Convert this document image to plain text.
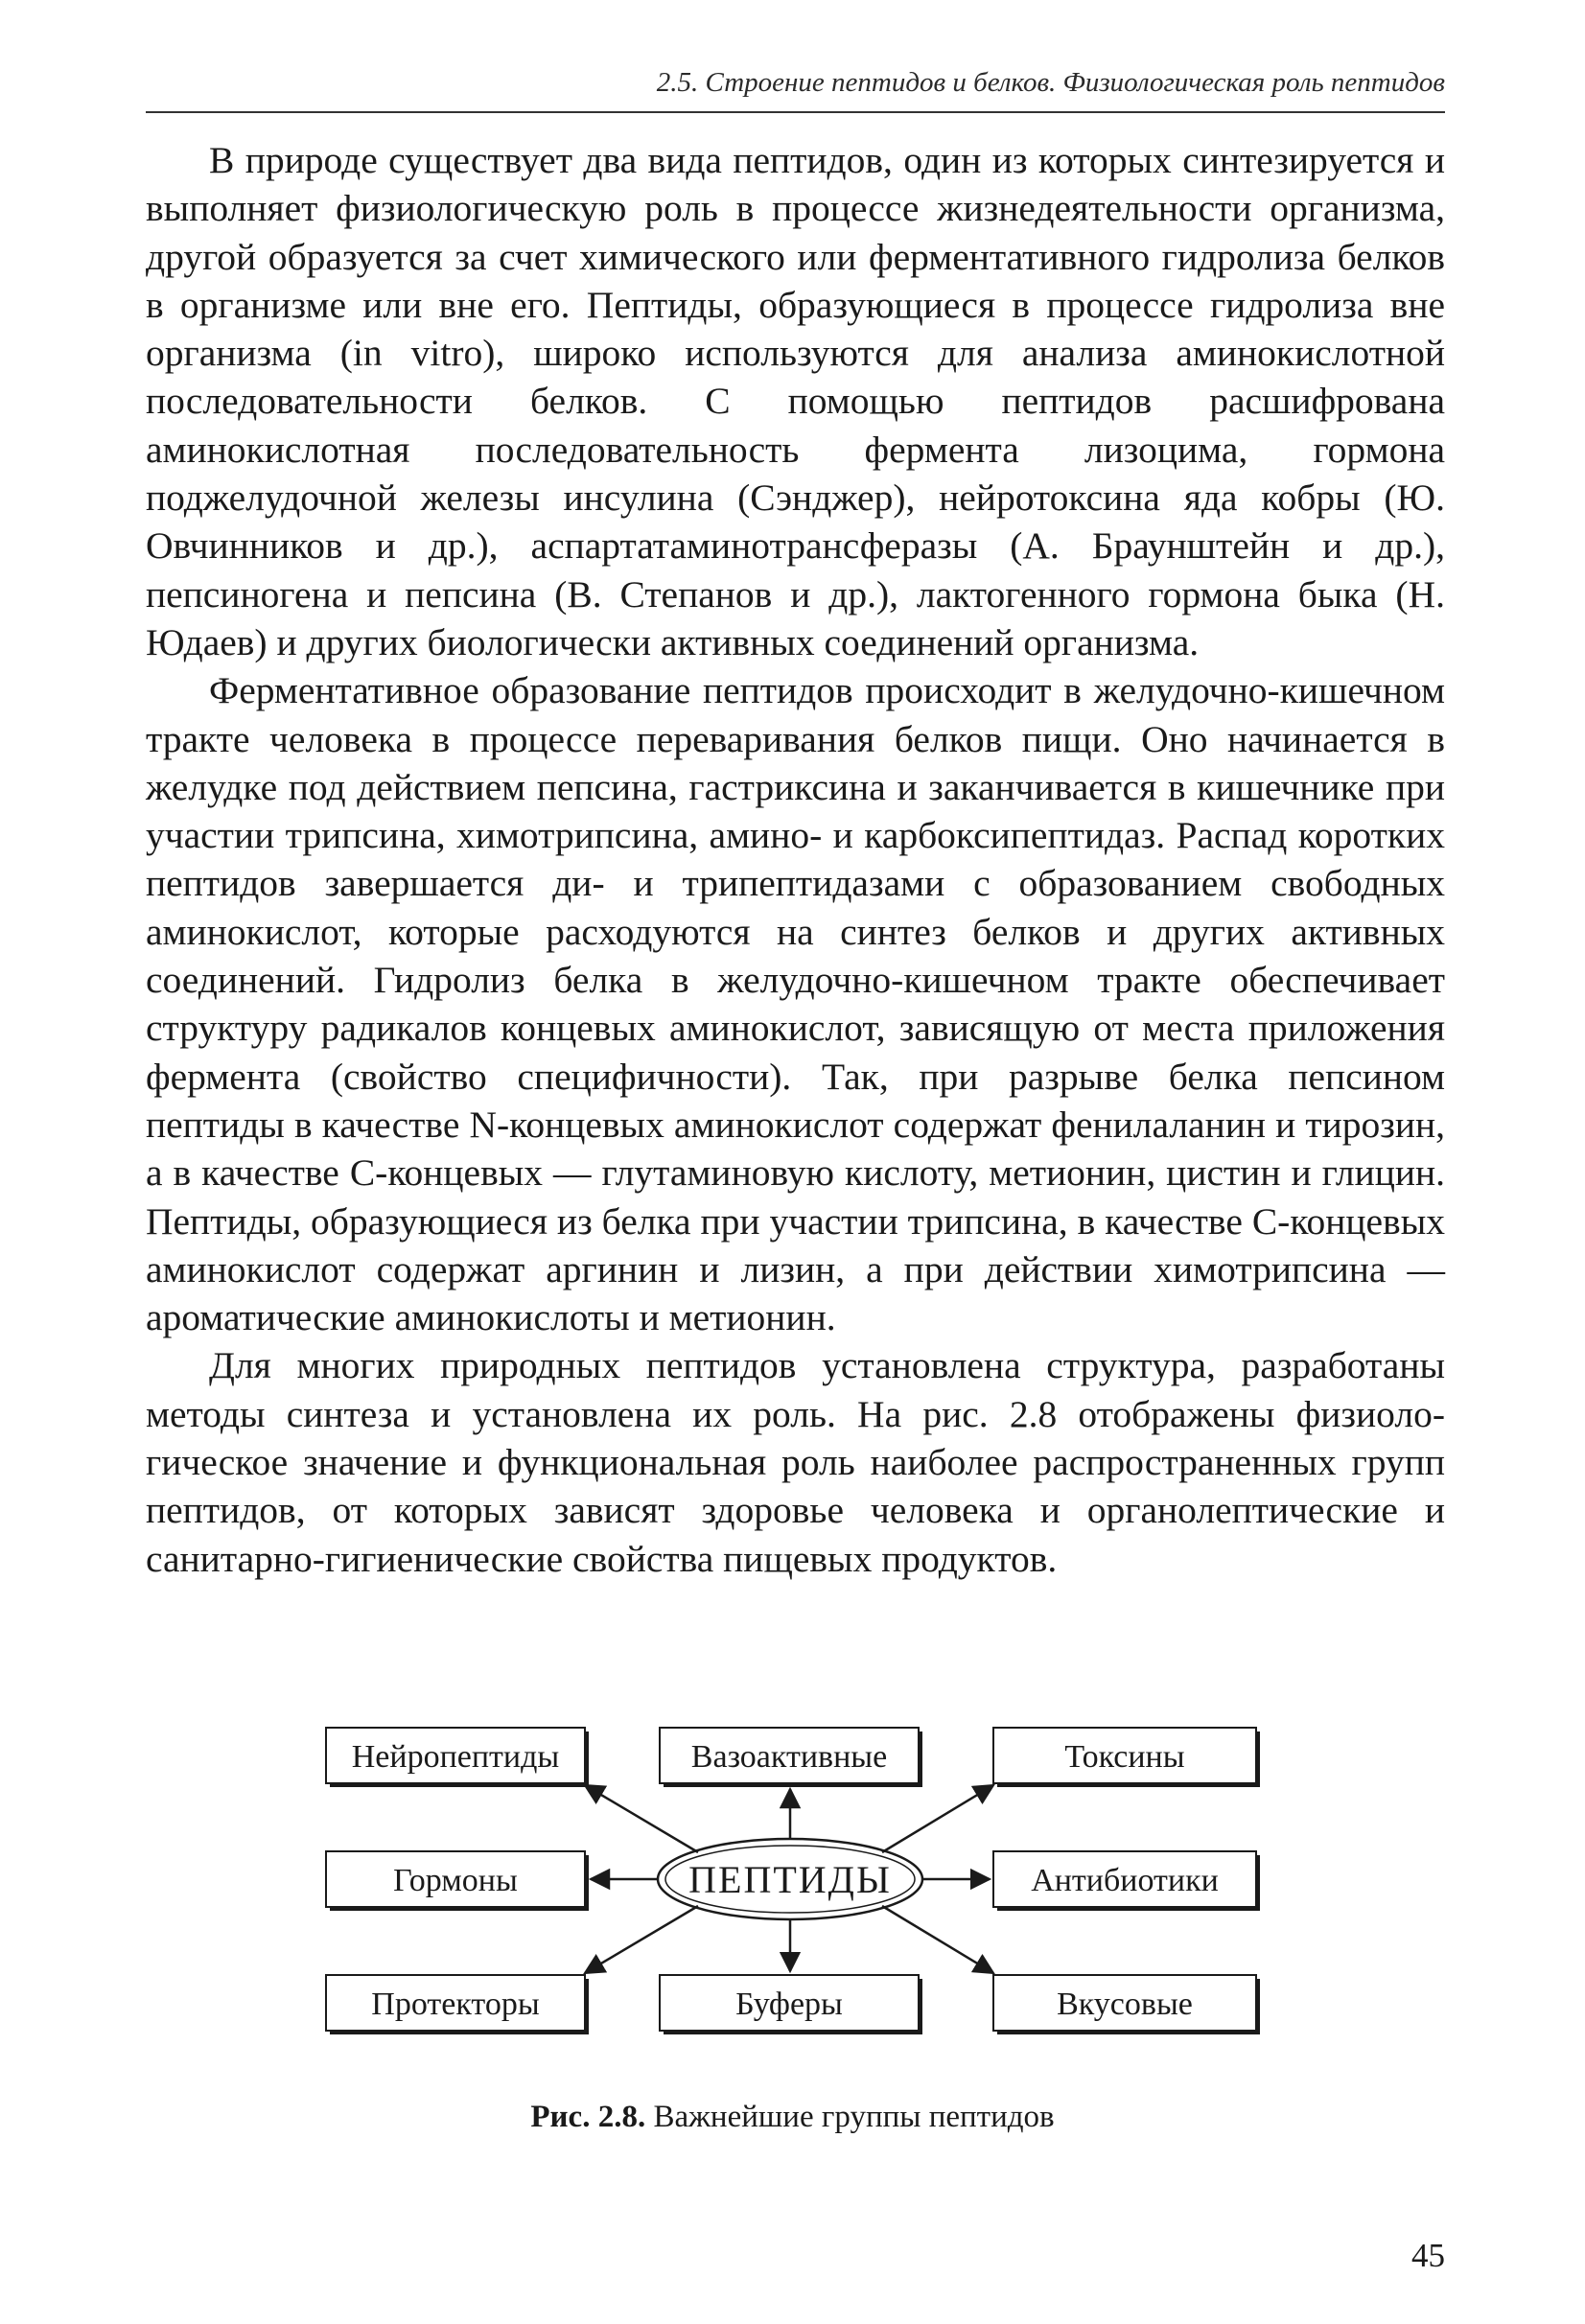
2.5. Строение пептидов и белков. Физиологическая роль пептидов

В природе существует два вида пептидов, один из которых синтезируется и выполняет физиологическую роль в процессе жизнедеятельности организма, другой образуется за счет химического или ферментативного гидролиза белков в организме или вне его. Пептиды, образующиеся в процессе гидролиза вне организма (in vitro), широко используются для анализа аминокислотной последовательности белков. С помощью пептидов расшифрована аминокислотная последовательность фермента лизоцима, гормона поджелудочной железы инсулина (Сэнджер), нейротоксина яда кобры (Ю. Овчинников и др.), аспартатаминотрансферазы (А. Браунштейн и др.), пепсиногена и пепсина (В. Степанов и др.), лактогенного гормона быка (Н. Юдаев) и других биологически активных соединений организма.

Ферментативное образование пептидов происходит в желудочно-кишечном тракте человека в процессе переваривания белков пищи. Оно начинается в желудке под действием пепсина, гастриксина и заканчивается в кишечнике при участии трипсина, химотрипсина, амино- и карбоксипептидаз. Распад коротких пептидов завершается ди- и трипептидазами с образованием свободных аминокислот, которые расходуются на синтез белков и других активных соединений. Гидролиз белка в желудочно-кишечном тракте обеспечивает структуру радикалов концевых аминокислот, зависящую от места приложения фермента (свойство специфичности). Так, при разрыве белка пепсином пептиды в качестве N-концевых аминокислот содержат фенилаланин и тирозин, а в качестве С-концевых — глутаминовую кислоту, метионин, цистин и глицин. Пептиды, образующиеся из белка при участии трипсина, в качестве С-концевых аминокислот содержат аргинин и лизин, а при действии химотрипсина — ароматические аминокислоты и метионин.

Для многих природных пептидов установлена структура, разработаны методы синтеза и установлена их роль. На рис. 2.8 отображены физиологическое значение и функциональная роль наиболее распространенных групп пептидов, от которых зависят здоровье человека и органолептические и санитарно-гигиенические свойства пищевых продуктов.

Нейропептиды	Вазоактивные	Токсины
Гормоны	Антибиотики
ПЕПТИДЫ
Протекторы	Буферы	Вкусовые
Рис. 2.8. Важнейшие группы пептидов
45
